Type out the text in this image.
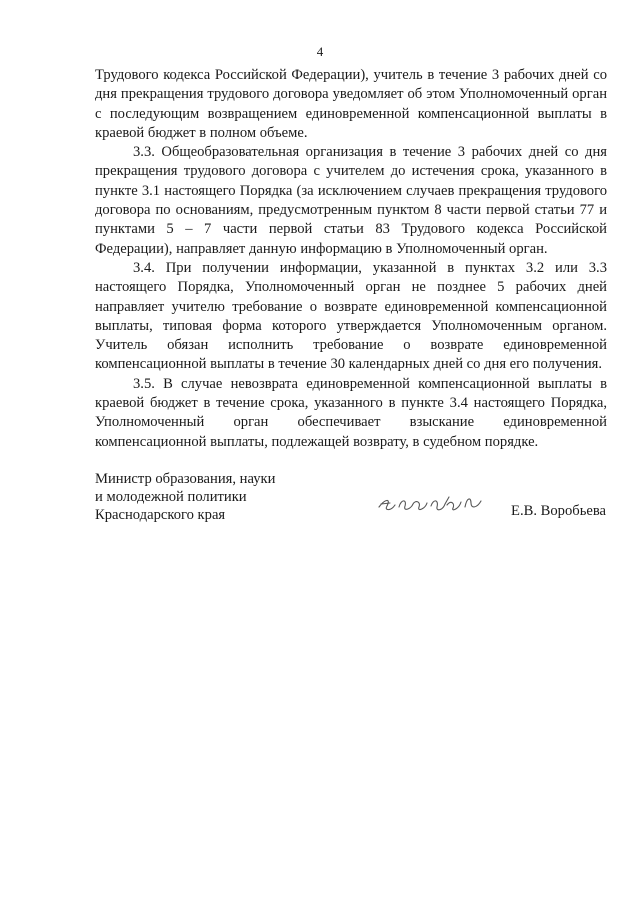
4

Трудового кодекса Российской Федерации), учитель в течение 3 рабочих дней со дня прекращения трудового договора уведомляет об этом Уполномоченный орган с последующим возвращением единовременной компенсационной выплаты в краевой бюджет в полном объеме.

3.3. Общеобразовательная организация в течение 3 рабочих дней со дня прекращения трудового договора с учителем до истечения срока, указанного в пункте 3.1 настоящего Порядка (за исключением случаев прекращения трудового договора по основаниям, предусмотренным пунктом 8 части первой статьи 77 и пунктами 5 – 7 части первой статьи 83 Трудового кодекса Российской Федерации), направляет данную информацию в Уполномоченный орган.

3.4. При получении информации, указанной в пунктах 3.2 или 3.3 настоящего Порядка, Уполномоченный орган не позднее 5 рабочих дней направляет учителю требование о возврате единовременной компенсационной выплаты, типовая форма которого утверждается Уполномоченным органом. Учитель обязан исполнить требование о возврате единовременной компенсационной выплаты в течение 30 календарных дней со дня его получения.

3.5. В случае невозврата единовременной компенсационной выплаты в краевой бюджет в течение срока, указанного в пункте 3.4 настоящего Порядка, Уполномоченный орган обеспечивает взыскание единовременной компенсационной выплаты, подлежащей возврату, в судебном порядке.

Министр образования, науки
и молодежной политики
Краснодарского края	Е.В. Воробьева
